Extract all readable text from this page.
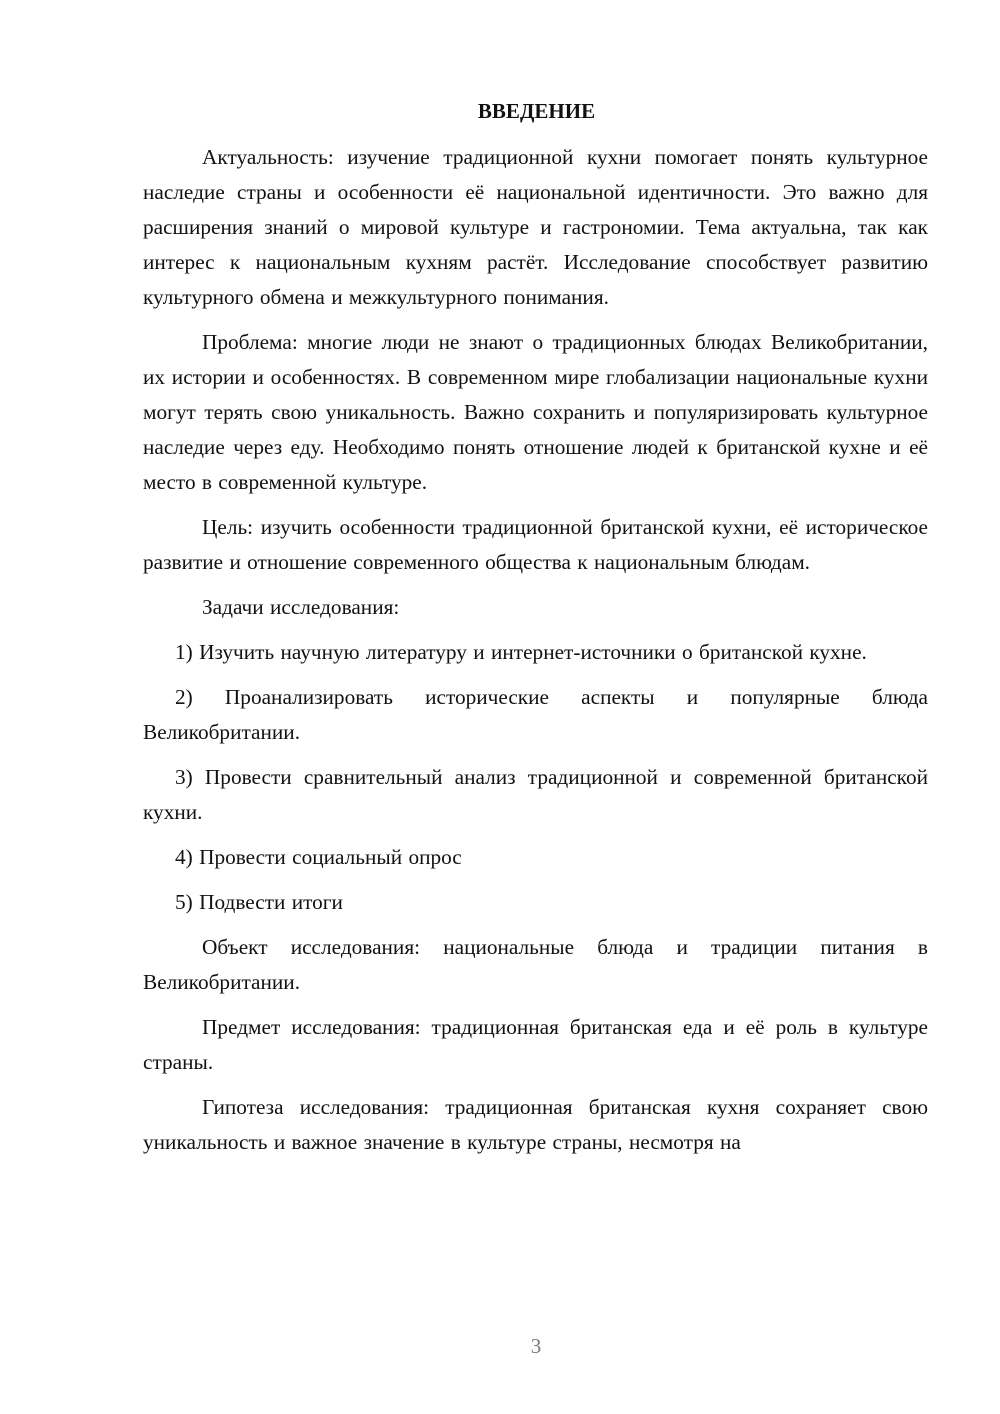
ВВЕДЕНИЕ

Актуальность: изучение традиционной кухни помогает понять культурное наследие страны и особенности её национальной идентичности. Это важно для расширения знаний о мировой культуре и гастрономии. Тема актуальна, так как интерес к национальным кухням растёт. Исследование способствует развитию культурного обмена и межкультурного понимания.

Проблема: многие люди не знают о традиционных блюдах Великобритании, их истории и особенностях. В современном мире глобализации национальные кухни могут терять свою уникальность. Важно сохранить и популяризировать культурное наследие через еду. Необходимо понять отношение людей к британской кухне и её место в современной культуре.

Цель: изучить особенности традиционной британской кухни, её историческое развитие и отношение современного общества к национальным блюдам.

Задачи исследования:

1) Изучить научную литературу и интернет-источники о британской кухне.

2) Проанализировать исторические аспекты и популярные блюда Великобритании.

3) Провести сравнительный анализ традиционной и современной британской кухни.

4) Провести социальный опрос

5) Подвести итоги

Объект исследования: национальные блюда и традиции питания в Великобритании.

Предмет исследования: традиционная британская еда и её роль в культуре страны.

Гипотеза исследования: традиционная британская кухня сохраняет свою уникальность и важное значение в культуре страны, несмотря на

3
